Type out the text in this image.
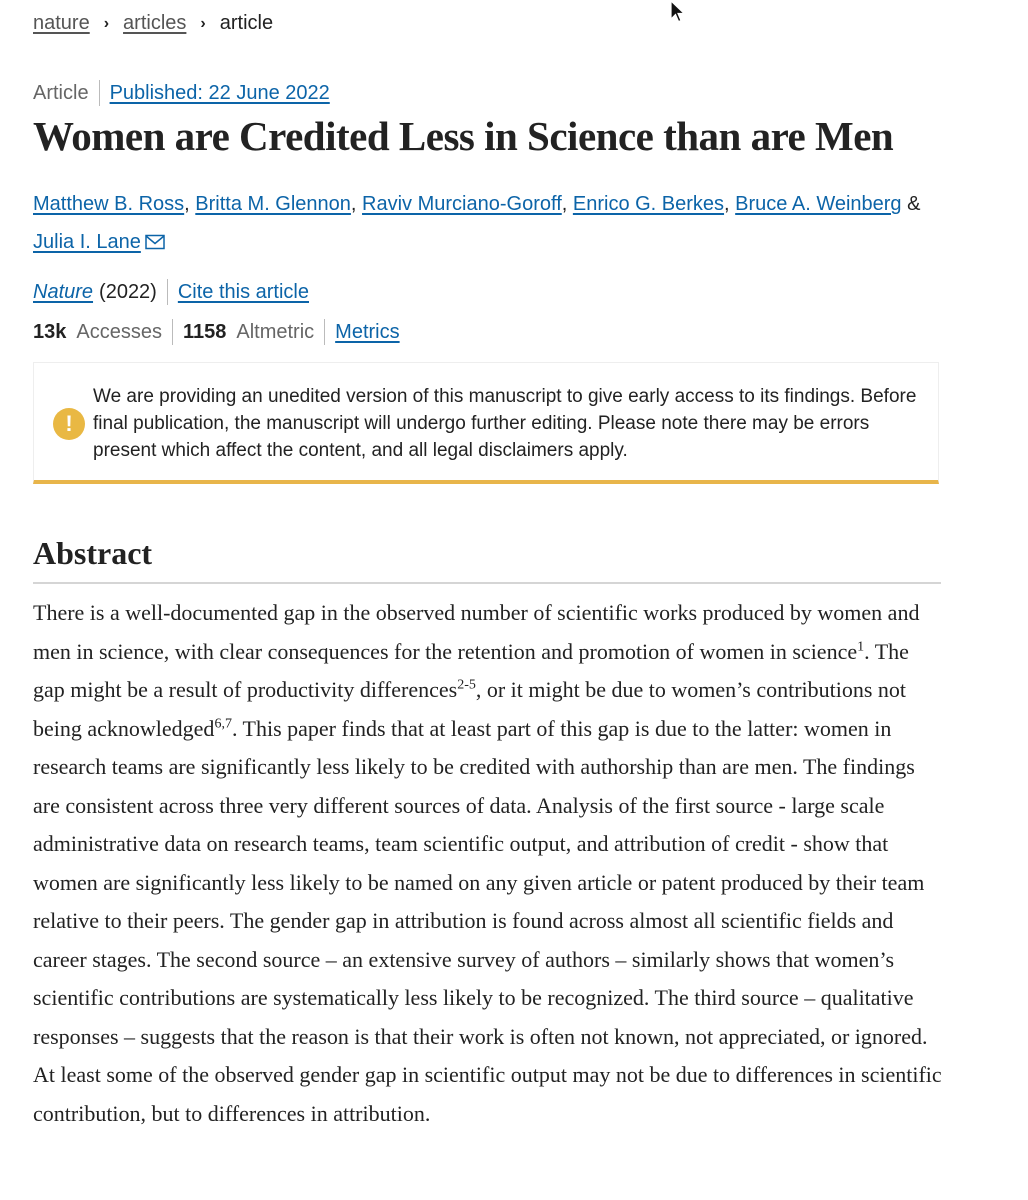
nature › articles › article
Article Published: 22 June 2022
Women are Credited Less in Science than are Men
Matthew B. Ross, Britta M. Glennon, Raviv Murciano-Goroff, Enrico G. Berkes, Bruce A. Weinberg &
Julia I. Lane
Nature (2022) Cite this article
13k Accesses 1158 Altmetric Metrics
!
We are providing an unedited version of this manuscript to give early access to its findings. Before final publication, the manuscript will undergo further editing. Please note there may be errors present which affect the content, and all legal disclaimers apply.
Abstract

There is a well-documented gap in the observed number of scientific works produced by women and men in science, with clear consequences for the retention and promotion of women in science$^1$. The gap might be a result of productivity differences$^{2-5}$, or it might be due to women’s contributions not being acknowledged$^{6,7}$. This paper finds that at least part of this gap is due to the latter: women in research teams are significantly less likely to be credited with authorship than are men. The findings are consistent across three very different sources of data. Analysis of the first source - large scale administrative data on research teams, team scientific output, and attribution of credit - show that women are significantly less likely to be named on any given article or patent produced by their team relative to their peers. The gender gap in attribution is found across almost all scientific fields and career stages. The second source – an extensive survey of authors – similarly shows that women’s scientific contributions are systematically less likely to be recognized. The third source – qualitative responses – suggests that the reason is that their work is often not known, not appreciated, or ignored. At least some of the observed gender gap in scientific output may not be due to differences in scientific contribution, but to differences in attribution.
